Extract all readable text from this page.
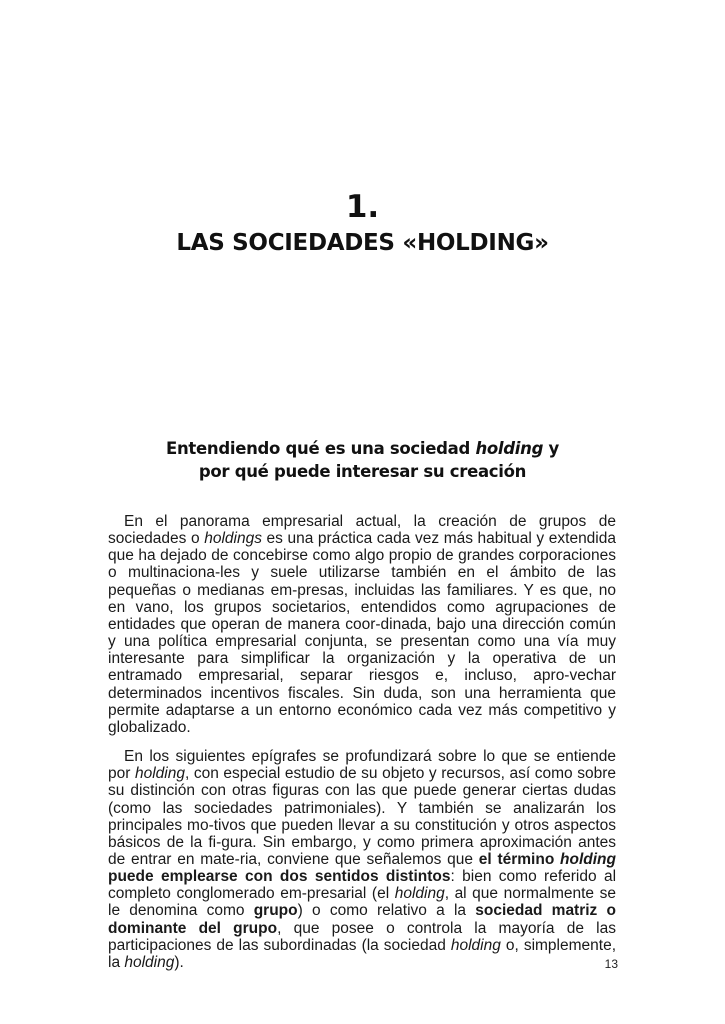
1.
LAS SOCIEDADES «HOLDING»
Entendiendo qué es una sociedad holding y
por qué puede interesar su creación

En el panorama empresarial actual, la creación de grupos de sociedades o holdings es una práctica cada vez más habitual y extendida que ha dejado de concebirse como algo propio de grandes corporaciones o multinaciona-les y suele utilizarse también en el ámbito de las pequeñas o medianas em-presas, incluidas las familiares. Y es que, no en vano, los grupos societarios, entendidos como agrupaciones de entidades que operan de manera coor-dinada, bajo una dirección común y una política empresarial conjunta, se presentan como una vía muy interesante para simplificar la organización y la operativa de un entramado empresarial, separar riesgos e, incluso, apro-vechar determinados incentivos fiscales. Sin duda, son una herramienta que permite adaptarse a un entorno económico cada vez más competitivo y globalizado.

En los siguientes epígrafes se profundizará sobre lo que se entiende por holding, con especial estudio de su objeto y recursos, así como sobre su distinción con otras figuras con las que puede generar ciertas dudas (como las sociedades patrimoniales). Y también se analizarán los principales mo-tivos que pueden llevar a su constitución y otros aspectos básicos de la fi-gura. Sin embargo, y como primera aproximación antes de entrar en mate-ria, conviene que señalemos que el término holding puede emplearse con dos sentidos distintos: bien como referido al completo conglomerado em-presarial (el holding, al que normalmente se le denomina como grupo) o como relativo a la sociedad matriz o dominante del grupo, que posee o controla la mayoría de las participaciones de las subordinadas (la sociedad holding o, simplemente, la holding).	13
